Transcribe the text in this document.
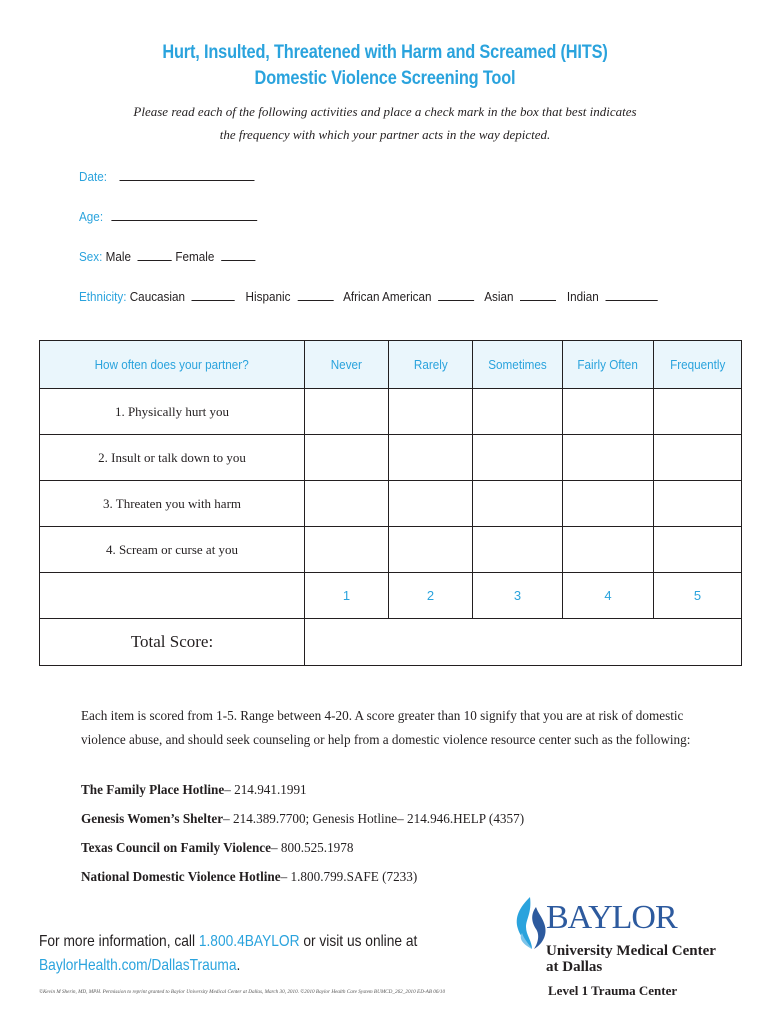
Hurt, Insulted, Threatened with Harm and Screamed (HITS)
Domestic Violence Screening Tool
Please read each of the following activities and place a check mark in the box that best indicates
the frequency with which your partner acts in the way depicted.
Date:
Age:
Sex: Male	Female
Ethnicity: Caucasian	Hispanic	African American	Asian	Indian
How often does your partner?	Never	Rarely	Sometimes	Fairly Often	Frequently
1. Physically hurt you					
2. Insult or talk down to you					
3. Threaten you with harm					
4. Scream or curse at you					
	1	2	3	4	5
Total Score:					
Each item is scored from 1-5. Range between 4-20. A score greater than 10 signify that you are at risk of domestic violence abuse, and should seek counseling or help from a domestic violence resource center such as the following:
The Family Place Hotline– 214.941.1991
Genesis Women’s Shelter– 214.389.7700; Genesis Hotline– 214.946.HELP (4357)
Texas Council on Family Violence– 800.525.1978
National Domestic Violence Hotline– 1.800.799.SAFE (7233)
For more information, call 1.800.4BAYLOR or visit us online at
BaylorHealth.com/DallasTrauma.
©Kevin M Sherin, MD, MPH. Permission to reprint granted to Baylor University Medical Center at Dallas, March 30, 2010. ©2010 Baylor Health Care System BUMCD_262_2010 ED-AB 06/10
BAYLOR
University Medical Center
at Dallas
Level 1 Trauma Center
